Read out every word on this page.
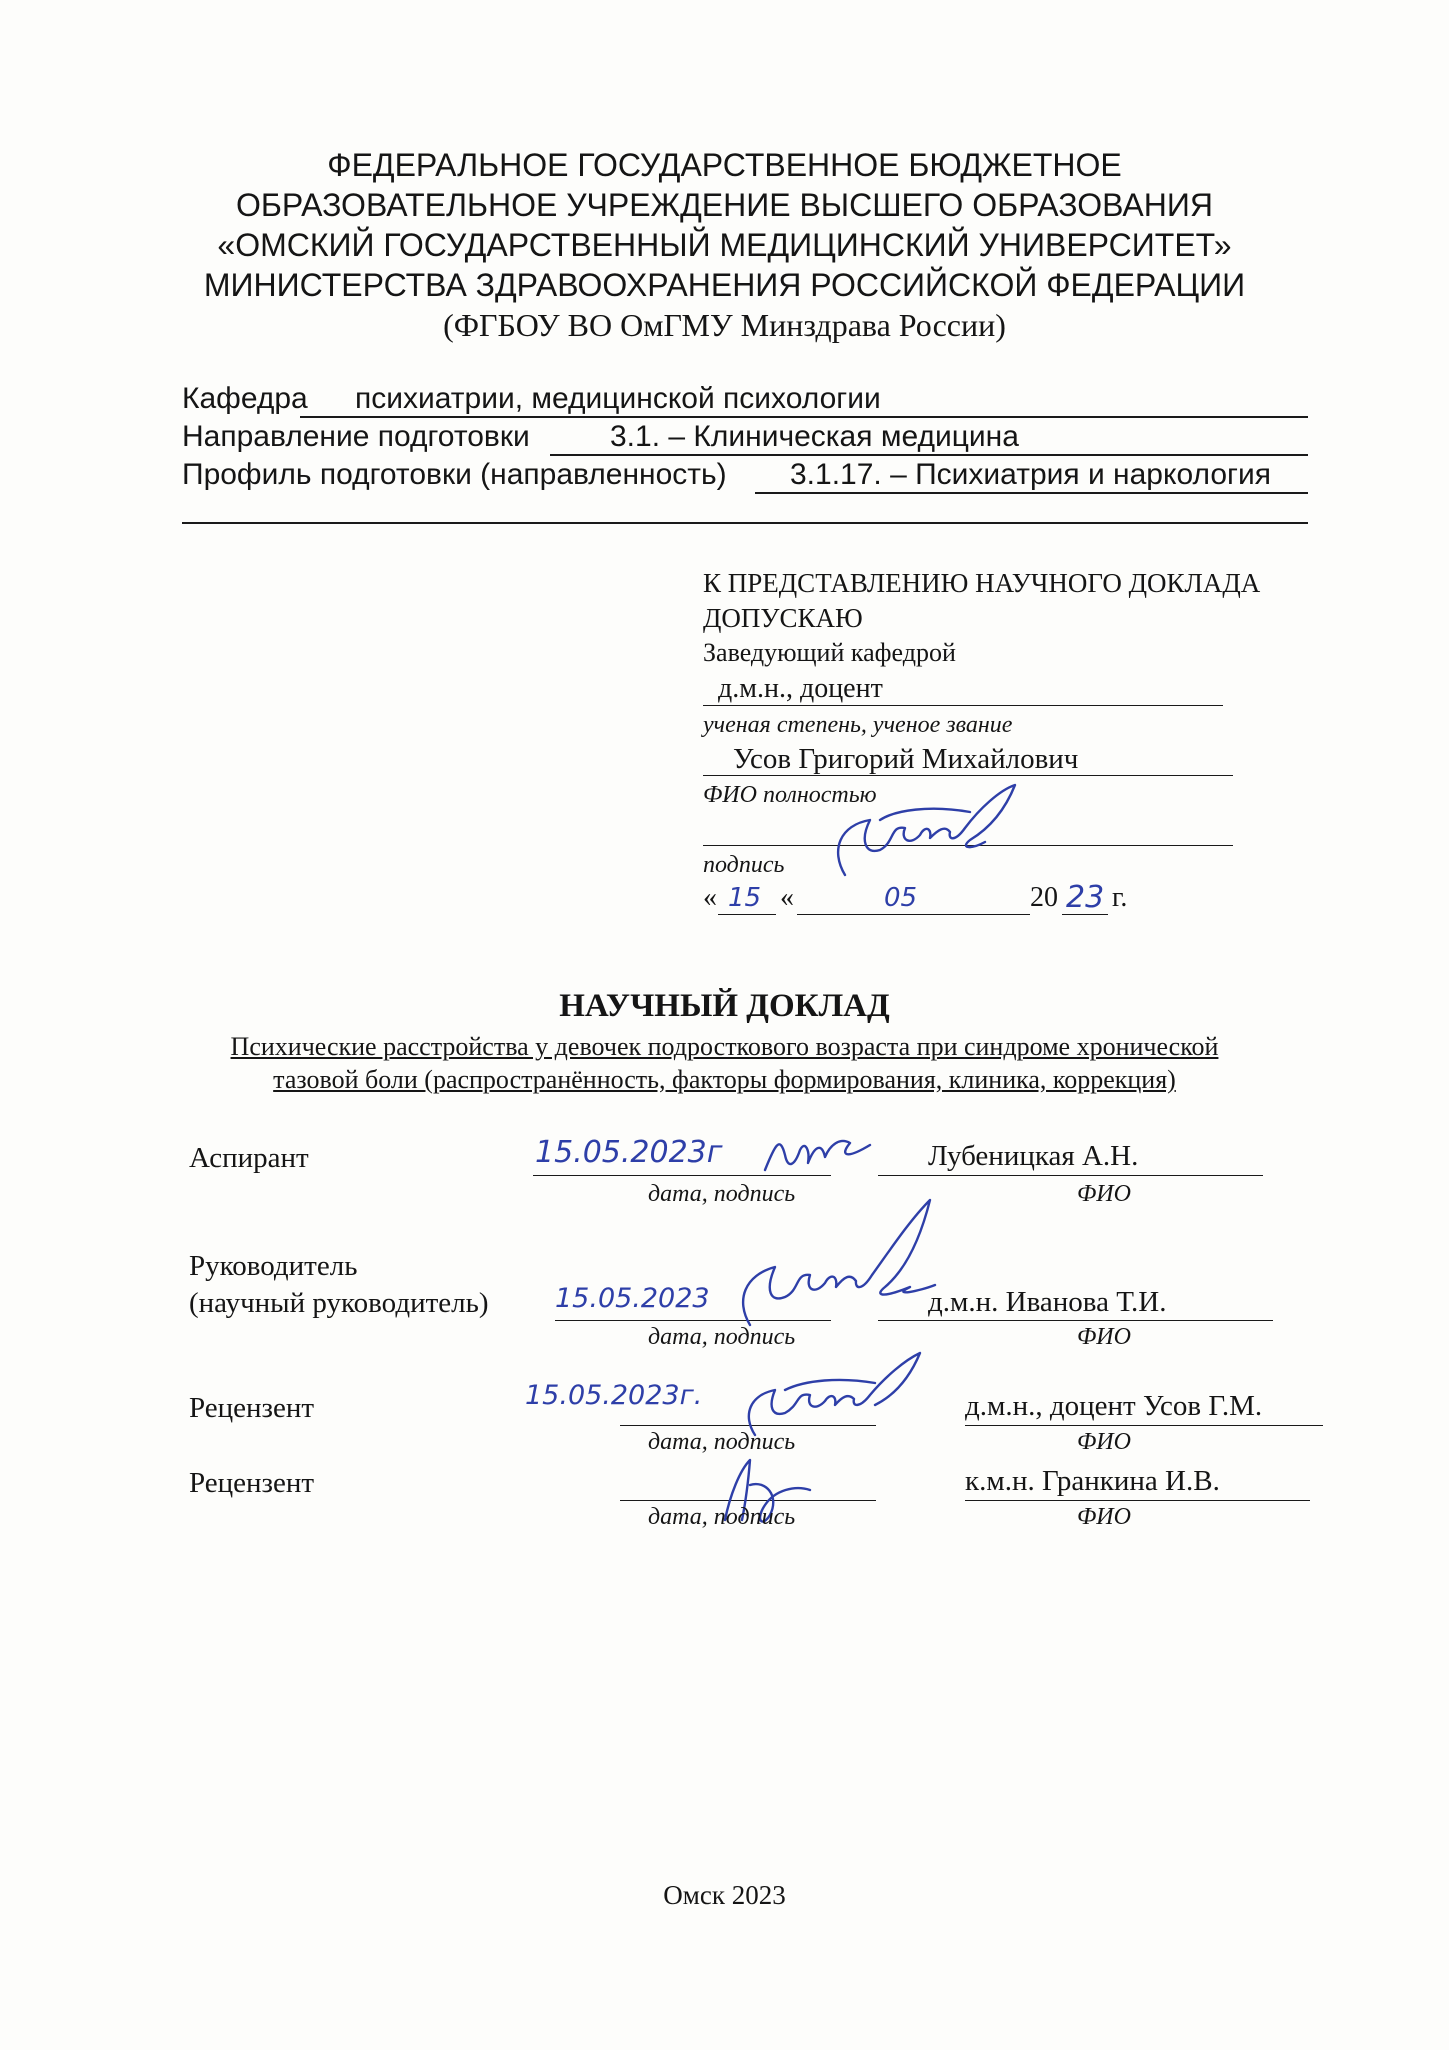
ФЕДЕРАЛЬНОЕ ГОСУДАРСТВЕННОЕ БЮДЖЕТНОЕ
ОБРАЗОВАТЕЛЬНОЕ УЧРЕЖДЕНИЕ ВЫСШЕГО ОБРАЗОВАНИЯ
«ОМСКИЙ ГОСУДАРСТВЕННЫЙ МЕДИЦИНСКИЙ УНИВЕРСИТЕТ»
МИНИСТЕРСТВА ЗДРАВООХРАНЕНИЯ РОССИЙСКОЙ ФЕДЕРАЦИИ
(ФГБОУ ВО ОмГМУ Минздрава России)
Кафедра психиатрии, медицинской психологии
Направление подготовки	3.1. – Клиническая медицина
Профиль подготовки (направленность) 3.1.17. – Психиатрия и наркология
К ПРЕДСТАВЛЕНИЮ НАУЧНОГО ДОКЛАДА
ДОПУСКАЮ
Заведующий кафедрой
д.м.н., доцент
ученая степень, ученое звание
Усов Григорий Михайлович
ФИО полностью
подпись
« 15 «	05	20 23 г.
НАУЧНЫЙ ДОКЛАД
Психические расстройства у девочек подросткового возраста при синдроме хронической
тазовой боли (распространённость, факторы формирования, клиника, коррекция)
Аспирант	15.05.2023г	Лубеницкая А.Н.
дата, подпись	ФИО
Руководитель
(научный руководитель) 15.05.2023	д.м.н. Иванова Т.И.
дата, подпись	ФИО
Рецензент	15.05.2023г.	д.м.н., доцент Усов Г.М.
дата, подпись	ФИО
Рецензент	к.м.н. Гранкина И.В.
дата, подпись	ФИО
Омск 2023
